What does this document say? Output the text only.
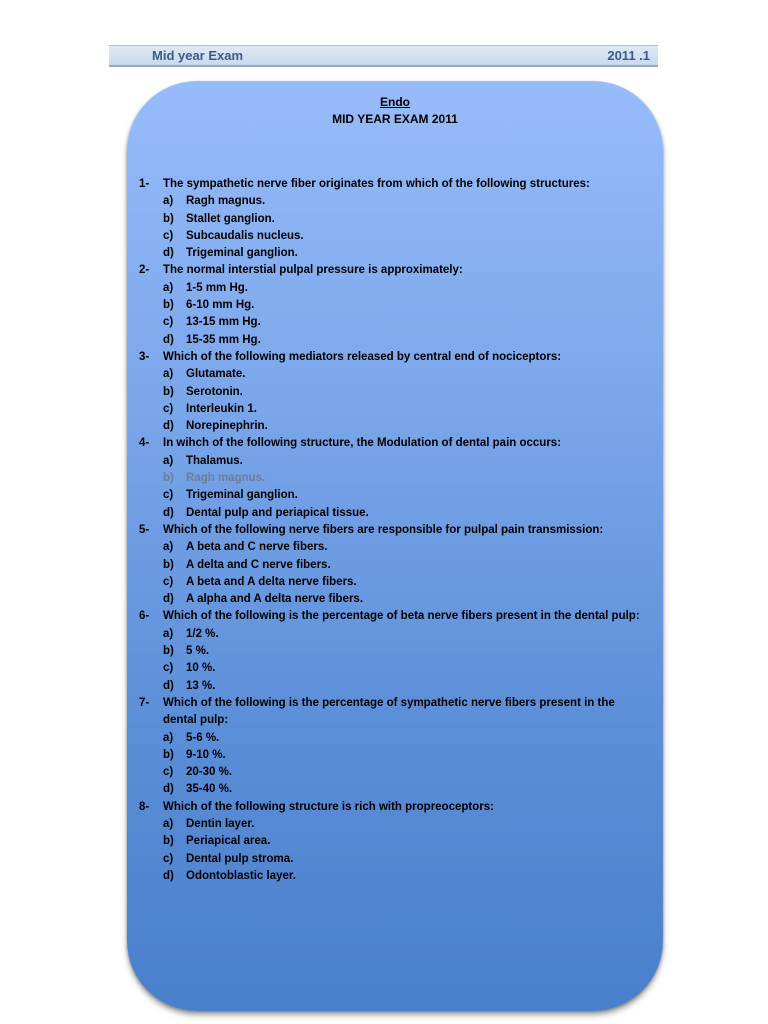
Mid year Exam	2011 .1
Endo
MID YEAR EXAM 2011
1- The sympathetic nerve fiber originates from which of the following structures:
a) Ragh magnus.
b) Stallet ganglion.
c) Subcaudalis nucleus.
d) Trigeminal ganglion.
2- The normal interstial pulpal pressure is approximately:
a) 1-5 mm Hg.
b) 6-10 mm Hg.
c) 13-15 mm Hg.
d) 15-35 mm Hg.
3- Which of the following mediators released by central end of nociceptors:
a) Glutamate.
b) Serotonin.
c) Interleukin 1.
d) Norepinephrin.
4- In wihch of the following structure, the Modulation of dental pain occurs:
a) Thalamus.
b) Ragh magnus.
c) Trigeminal ganglion.
d) Dental pulp and periapical tissue.
5- Which of the following nerve fibers are responsible for pulpal pain transmission:
a) A beta and C nerve fibers.
b) A delta and C nerve fibers.
c) A beta and A delta nerve fibers.
d) A alpha and A delta nerve fibers.
6- Which of the following is the percentage of beta nerve fibers present in the dental pulp:
a) 1/2 %.
b) 5 %.
c) 10 %.
d) 13 %.
7- Which of the following is the percentage of sympathetic nerve fibers present in the dental pulp:
a) 5-6 %.
b) 9-10 %.
c) 20-30 %.
d) 35-40 %.
8- Which of the following structure is rich with propreoceptors:
a) Dentin layer.
b) Periapical area.
c) Dental pulp stroma.
d) Odontoblastic layer.
